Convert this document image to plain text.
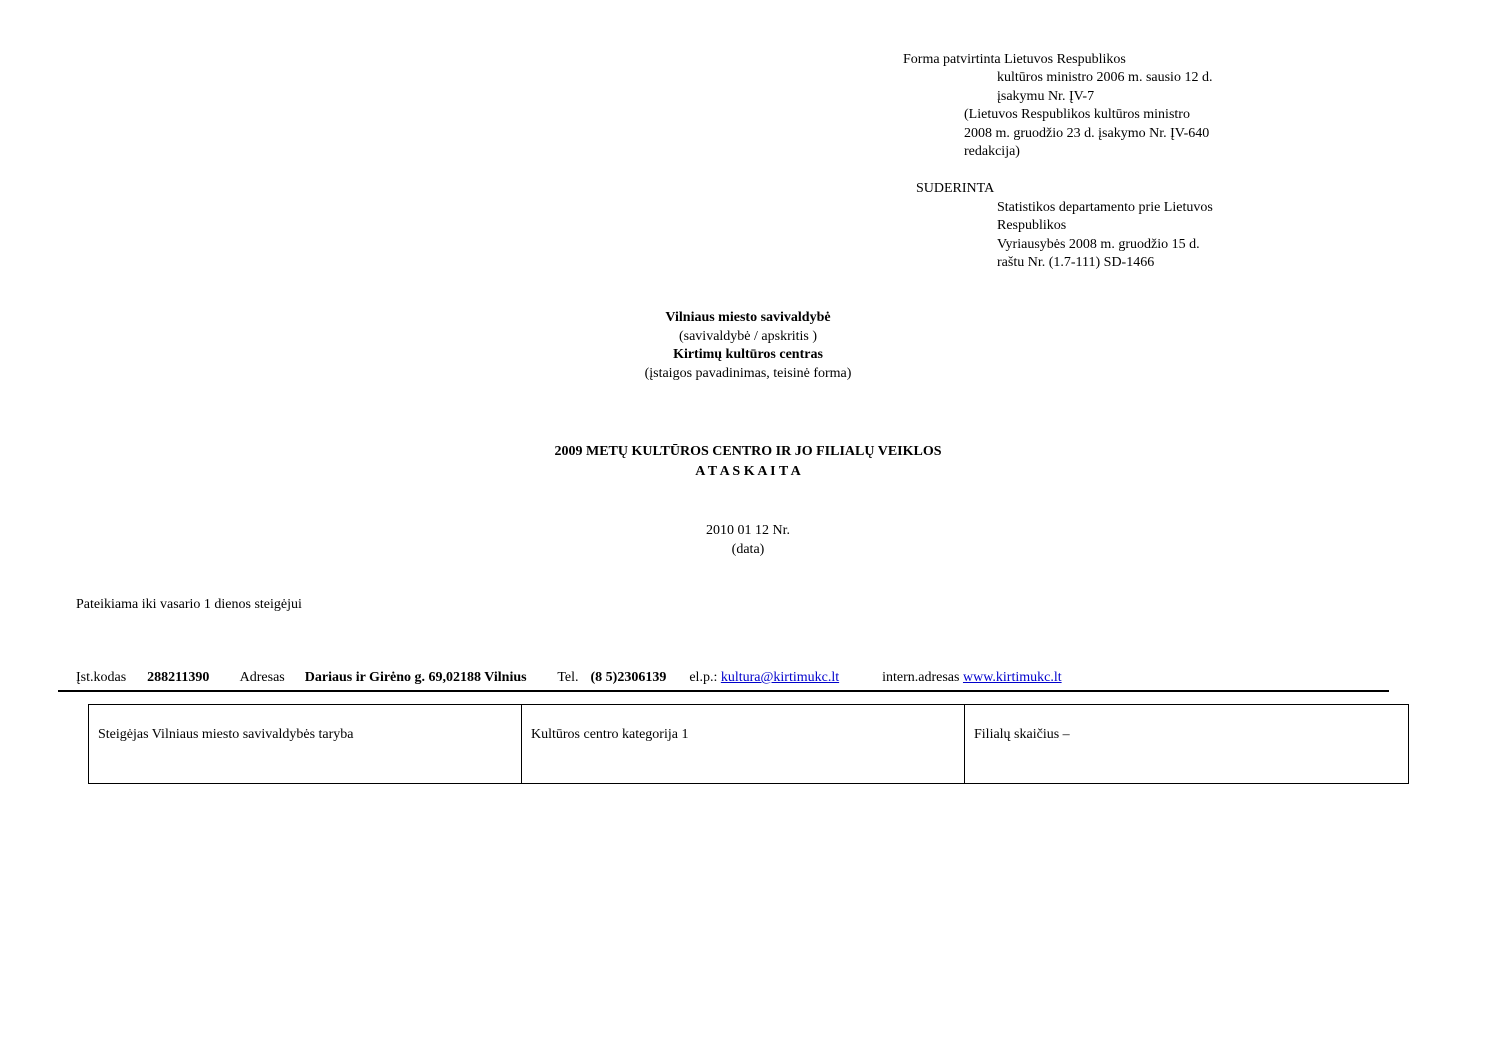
Forma patvirtinta Lietuvos Respublikos
kultūros ministro 2006 m. sausio 12 d.
įsakymu Nr. ĮV-7
(Lietuvos Respublikos kultūros ministro
2008 m. gruodžio 23 d. įsakymo Nr. ĮV-640
redakcija)
SUDERINTA
Statistikos departamento prie Lietuvos
Respublikos
Vyriausybės 2008 m. gruodžio 15 d.
raštu Nr. (1.7-111) SD-1466
Vilniaus miesto savivaldybė
(savivaldybė / apskritis )
Kirtimų kultūros centras
(įstaigos pavadinimas, teisinė forma)
2009 METŲ KULTŪROS CENTRO IR JO FILIALŲ VEIKLOS
A T A S K A I T A
2010 01 12 Nr.
(data)
Pateikiama iki vasario 1 dienos steigėjui
Įst.kodas 288211390 Adresas Dariaus ir Girėno g. 69,02188 Vilnius Tel. (8 5)2306139 el.p.: kultura@kirtimukc.lt	intern.adresas www.kirtimukc.lt
Steigėjas Vilniaus miesto savivaldybės taryba	Kultūros centro kategorija 1	Filialų skaičius –
